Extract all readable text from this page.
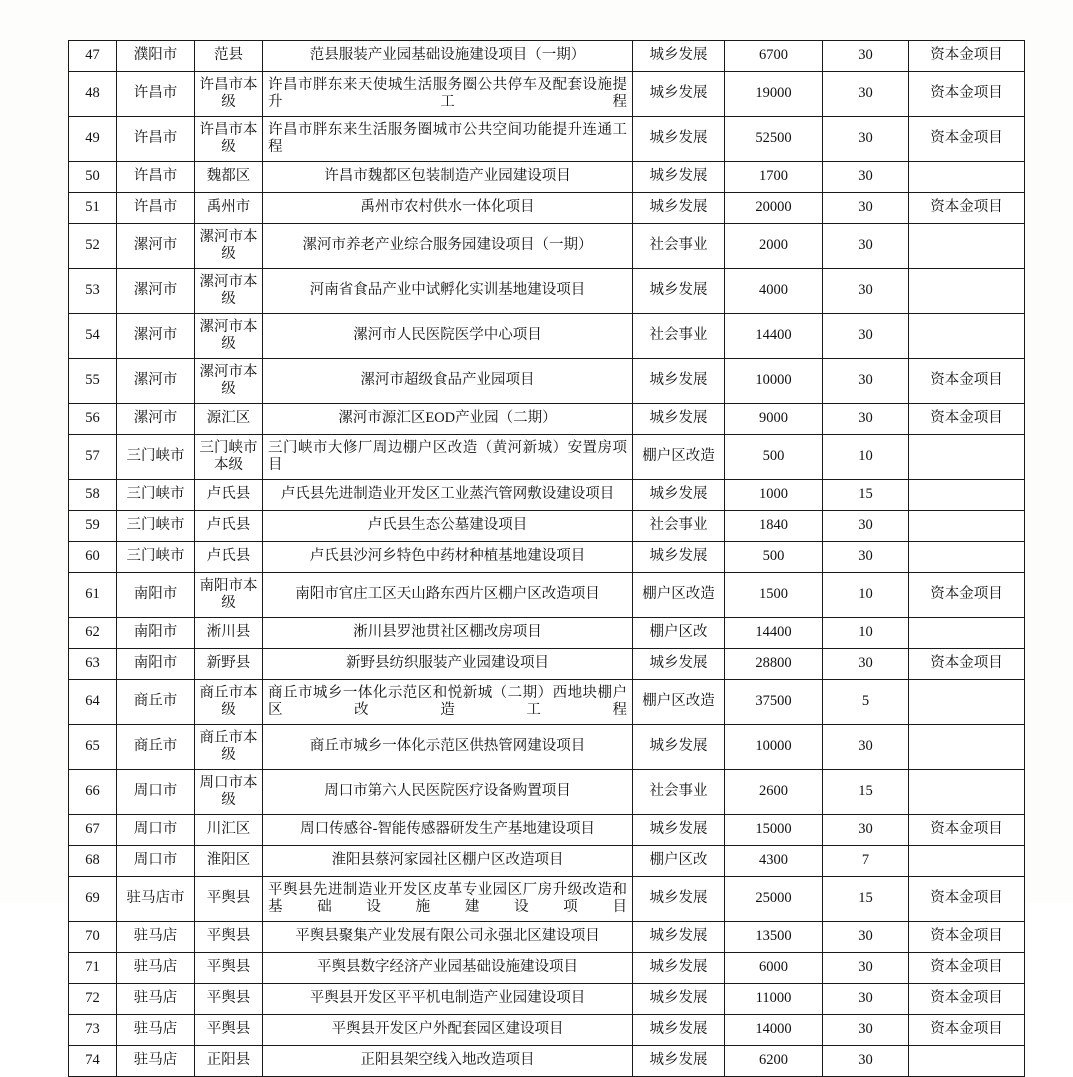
47	濮阳市	范县	范县服装产业园基础设施建设项目（一期）	城乡发展	6700	30	资本金项目
48	许昌市	许昌市本级	许昌市胖东来天使城生活服务圈公共停车及配套设施提升工程	城乡发展	19000	30	资本金项目
49	许昌市	许昌市本级	许昌市胖东来生活服务圈城市公共空间功能提升连通工程	城乡发展	52500	30	资本金项目
50	许昌市	魏都区	许昌市魏都区包装制造产业园建设项目	城乡发展	1700	30	
51	许昌市	禹州市	禹州市农村供水一体化项目	城乡发展	20000	30	资本金项目
52	漯河市	漯河市本级	漯河市养老产业综合服务园建设项目（一期）	社会事业	2000	30	
53	漯河市	漯河市本级	河南省食品产业中试孵化实训基地建设项目	城乡发展	4000	30	
54	漯河市	漯河市本级	漯河市人民医院医学中心项目	社会事业	14400	30	
55	漯河市	漯河市本级	漯河市超级食品产业园项目	城乡发展	10000	30	资本金项目
56	漯河市	源汇区	漯河市源汇区EOD产业园（二期）	城乡发展	9000	30	资本金项目
57	三门峡市	三门峡市本级	三门峡市大修厂周边棚户区改造（黄河新城）安置房项目	棚户区改造	500	10	
58	三门峡市	卢氏县	卢氏县先进制造业开发区工业蒸汽管网敷设建设项目	城乡发展	1000	15	
59	三门峡市	卢氏县	卢氏县生态公墓建设项目	社会事业	1840	30	
60	三门峡市	卢氏县	卢氏县沙河乡特色中药材种植基地建设项目	城乡发展	500	30	
61	南阳市	南阳市本级	南阳市官庄工区天山路东西片区棚户区改造项目	棚户区改造	1500	10	资本金项目
62	南阳市	淅川县	淅川县罗池贯社区棚改房项目	棚户区改	14400	10	
63	南阳市	新野县	新野县纺织服装产业园建设项目	城乡发展	28800	30	资本金项目
64	商丘市	商丘市本级	商丘市城乡一体化示范区和悦新城（二期）西地块棚户区改造工程	棚户区改造	37500	5	
65	商丘市	商丘市本级	商丘市城乡一体化示范区供热管网建设项目	城乡发展	10000	30	
66	周口市	周口市本级	周口市第六人民医院医疗设备购置项目	社会事业	2600	15	
67	周口市	川汇区	周口传感谷-智能传感器研发生产基地建设项目	城乡发展	15000	30	资本金项目
68	周口市	淮阳区	淮阳县蔡河家园社区棚户区改造项目	棚户区改	4300	7	
69	驻马店市	平舆县	平舆县先进制造业开发区皮革专业园区厂房升级改造和基础设施建设项目	城乡发展	25000	15	资本金项目
70	驻马店	平舆县	平舆县聚集产业发展有限公司永强北区建设项目	城乡发展	13500	30	资本金项目
71	驻马店	平舆县	平舆县数字经济产业园基础设施建设项目	城乡发展	6000	30	资本金项目
72	驻马店	平舆县	平舆县开发区平平机电制造产业园建设项目	城乡发展	11000	30	资本金项目
73	驻马店	平舆县	平舆县开发区户外配套园区建设项目	城乡发展	14000	30	资本金项目
74	驻马店	正阳县	正阳县架空线入地改造项目	城乡发展	6200	30	
